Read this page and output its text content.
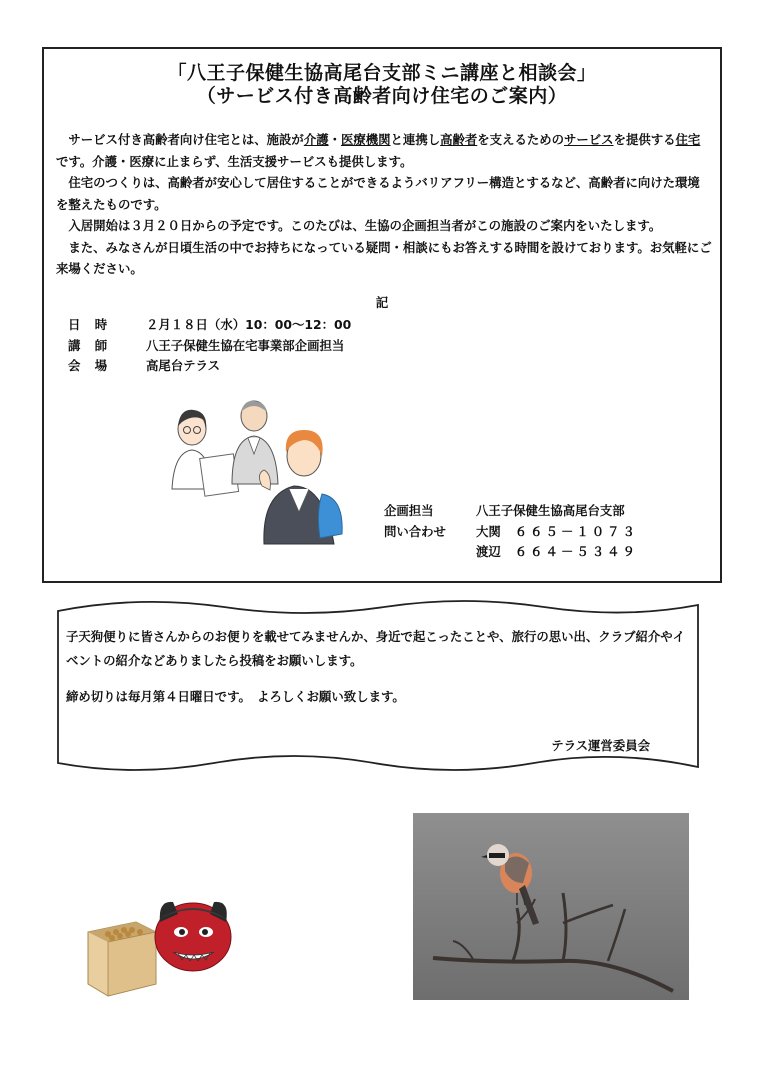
「八王子保健生協高尾台支部ミニ講座と相談会」
（サービス付き高齢者向け住宅のご案内）

サービス付き高齢者向け住宅とは、施設が介護・医療機関と連携し高齢者を支えるためのサービスを提供する住宅です。介護・医療に止まらず、生活支援サービスも提供します。

住宅のつくりは、高齢者が安心して居住することができるようバリアフリー構造とするなど、高齢者に向けた環境を整えたものです。

入居開始は３月２０日からの予定です。このたびは、生協の企画担当者がこの施設のご案内をいたします。

また、みなさんが日頃生活の中でお持ちになっている疑問・相談にもお答えする時間を設けております。お気軽にご来場ください。

記
日　時	２月１８日（水）10：00〜12：00
講　師	八王子保健生協在宅事業部企画担当
会　場	高尾台テラス
企画担当	八王子保健生協高尾台支部
問い合わせ	大関 ６６５－１０７３
渡辺 ６６４－５３４９

子天狗便りに皆さんからのお便りを載せてみませんか、身近で起こったことや、旅行の思い出、クラブ紹介やイベントの紹介などありましたら投稿をお願いします。

締め切りは毎月第４日曜日です。　よろしくお願い致します。

テラス運営委員会
